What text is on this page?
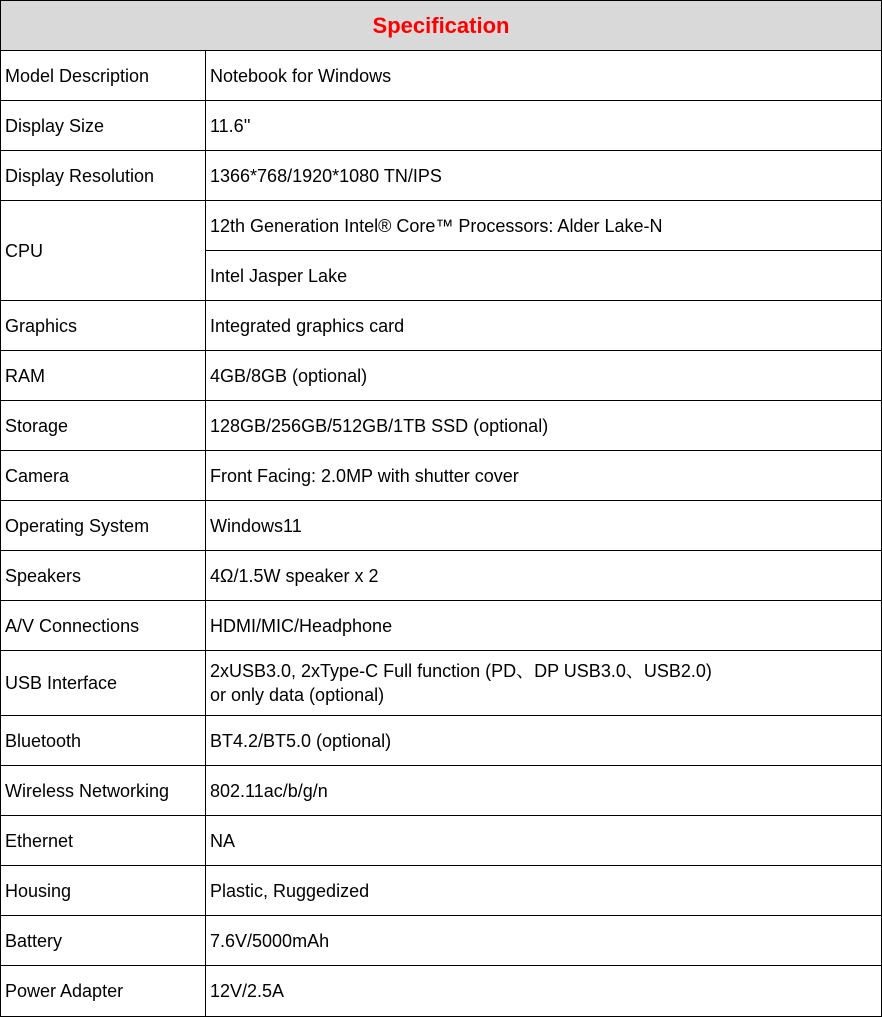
Specification	
Model Description	Notebook for Windows
Display Size	11.6''
Display Resolution	1366*768/1920*1080 TN/IPS
CPU	12th Generation Intel® Core™ Processors: Alder Lake-N
	Intel Jasper Lake
Graphics	Integrated graphics card
RAM	4GB/8GB (optional)
Storage	128GB/256GB/512GB/1TB SSD (optional)
Camera	Front Facing: 2.0MP with shutter cover
Operating System	Windows11
Speakers	4Ω/1.5W speaker x 2
A/V Connections	HDMI/MIC/Headphone
USB Interface	2xUSB3.0, 2xType-C Full function (PD、DP USB3.0、USB2.0)
or only data (optional)
Bluetooth	BT4.2/BT5.0 (optional)
Wireless Networking	802.11ac/b/g/n
Ethernet	NA
Housing	Plastic, Ruggedized
Battery	7.6V/5000mAh
Power Adapter	12V/2.5A
